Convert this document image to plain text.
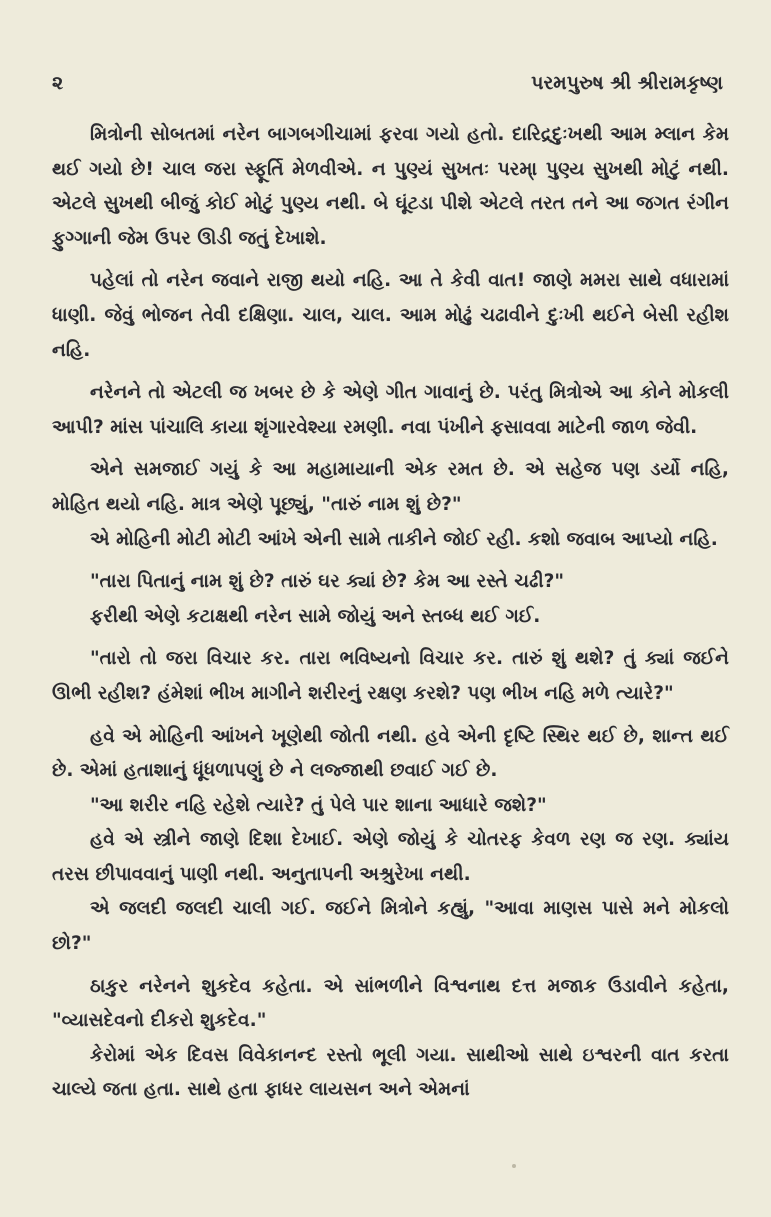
૨	પરમપુરુષ શ્રી શ્રીરામકૃષ્ણ

મિત્રોની સોબતમાં નરેન બાગબગીચામાં ફરવા ગયો હતો. દારિદ્રદુઃખથી આમ મ્લાન કેમ થઈ ગયો છે! ચાલ જરા સ્ફૂર્તિ મેળવીએ. ન પુણ્યં સુખતઃ પરમ્। પુણ્ય સુખથી મોટું નથી. એટલે સુખથી બીજું કોઈ મોટું પુણ્ય નથી. બે ઘૂંટડા પીશે એટલે તરત તને આ જગત રંગીન ફુગ્ગાની જેમ ઉપર ઊડી જતું દેખાશે.

પહેલાં તો નરેન જવાને રાજી થયો નહિ. આ તે કેવી વાત! જાણે મમરા સાથે વધારામાં ધાણી. જેવું ભોજન તેવી દક્ષિણા. ચાલ, ચાલ. આમ મોઢું ચઢાવીને દુઃખી થઈને બેસી રહીશ નહિ.

નરેનને તો એટલી જ ખબર છે કે એણે ગીત ગાવાનું છે. પરંતુ મિત્રોએ આ કોને મોકલી આપી? માંસ પાંચાલિ કાયા શૃંગારવેશ્યા રમણી. નવા પંખીને ફસાવવા માટેની જાળ જેવી.

એને સમજાઈ ગયું કે આ મહામાયાની એક રમત છે. એ સહેજ પણ ડર્યો નહિ, મોહિત થયો નહિ. માત્ર એણે પૂછ્યું, "તારું નામ શું છે?"

એ મોહિની મોટી મોટી આંખે એની સામે તાકીને જોઈ રહી. કશો જવાબ આપ્યો નહિ.

"તારા પિતાનું નામ શું છે? તારું ઘર ક્યાં છે? કેમ આ રસ્તે ચઢી?"

ફરીથી એણે કટાક્ષથી નરેન સામે જોયું અને સ્તબ્ધ થઈ ગઈ.

"તારો તો જરા વિચાર કર. તારા ભવિષ્યનો વિચાર કર. તારું શું થશે? તું ક્યાં જઈને ઊભી રહીશ? હંમેશાં ભીખ માગીને શરીરનું રક્ષણ કરશે? પણ ભીખ નહિ મળે ત્યારે?"

હવે એ મોહિની આંખને ખૂણેથી જોતી નથી. હવે એની દૃષ્ટિ સ્થિર થઈ છે, શાન્ત થઈ છે. એમાં હતાશાનું ધૂંધળાપણું છે ને લજ્જાથી છવાઈ ગઈ છે.

"આ શરીર નહિ રહેશે ત્યારે? તું પેલે પાર શાના આધારે જશે?"

હવે એ સ્ત્રીને જાણે દિશા દેખાઈ. એણે જોયું કે ચોતરફ કેવળ રણ જ રણ. ક્યાંય તરસ છીપાવવાનું પાણી નથી. અનુતાપની અશ્રુરેખા નથી.

એ જલદી જલદી ચાલી ગઈ. જઈને મિત્રોને કહ્યું, "આવા માણસ પાસે મને મોકલો છો?"

ઠાકુર નરેનને શુકદેવ કહેતા. એ સાંભળીને વિશ્વનાથ દત્ત મજાક ઉડાવીને કહેતા, "વ્યાસદેવનો દીકરો શુકદેવ."

કેરોમાં એક દિવસ વિવેકાનન્દ રસ્તો ભૂલી ગયા. સાથીઓ સાથે ઇશ્વરની વાત કરતા ચાલ્યે જતા હતા. સાથે હતા ફાધર લાયસન અને એમનાં
